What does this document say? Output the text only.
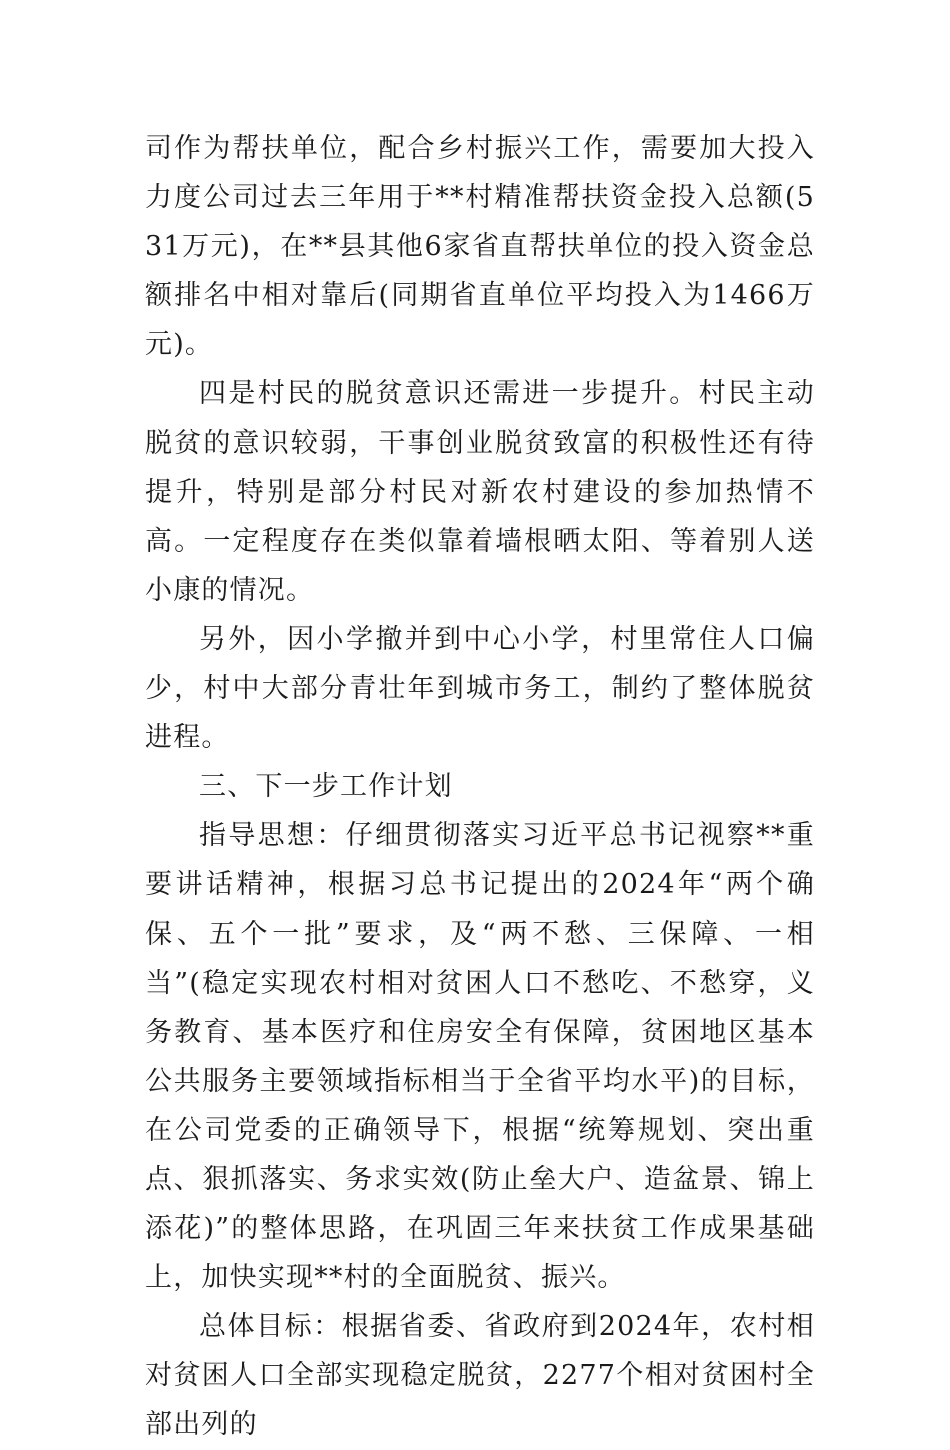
司作为帮扶单位，配合乡村振兴工作，需要加大投入力度公司过去三年用于**村精准帮扶资金投入总额(531万元)，在**县其他6家省直帮扶单位的投入资金总额排名中相对靠后(同期省直单位平均投入为1466万元)。

四是村民的脱贫意识还需进一步提升。村民主动脱贫的意识较弱，干事创业脱贫致富的积极性还有待提升，特别是部分村民对新农村建设的参加热情不高。一定程度存在类似靠着墙根晒太阳、等着别人送小康的情况。

另外，因小学撤并到中心小学，村里常住人口偏少，村中大部分青壮年到城市务工，制约了整体脱贫进程。

三、下一步工作计划

指导思想：仔细贯彻落实习近平总书记视察**重要讲话精神，根据习总书记提出的2024年“两个确保、五个一批”要求，及“两不愁、三保障、一相当”(稳定实现农村相对贫困人口不愁吃、不愁穿，义务教育、基本医疗和住房安全有保障，贫困地区基本公共服务主要领域指标相当于全省平均水平)的目标，在公司党委的正确领导下，根据“统筹规划、突出重点、狠抓落实、务求实效(防止垒大户、造盆景、锦上添花)”的整体思路，在巩固三年来扶贫工作成果基础上，加快实现**村的全面脱贫、振兴。

总体目标：根据省委、省政府到2024年，农村相对贫困人口全部实现稳定脱贫，2277个相对贫困村全部出列的
